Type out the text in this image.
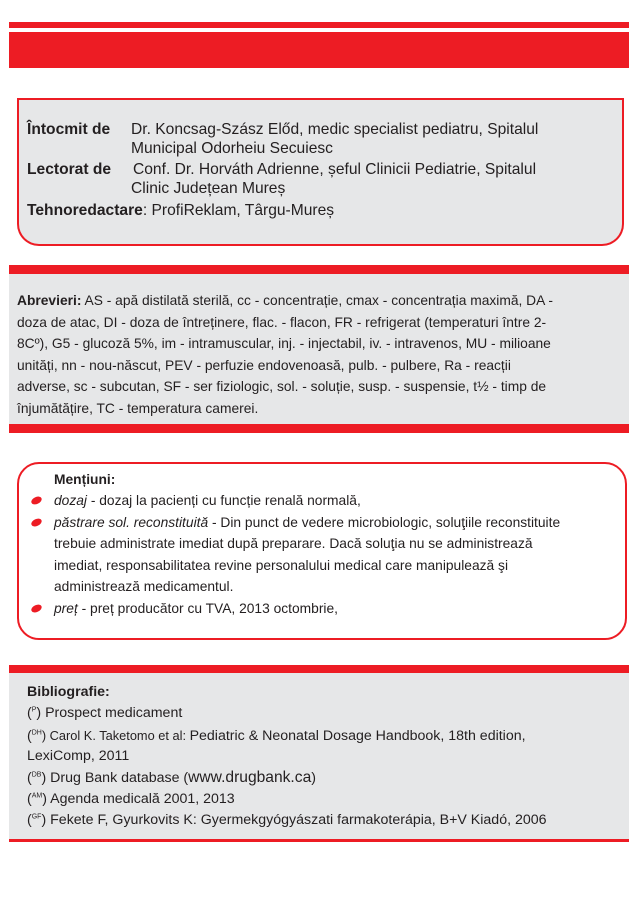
Întocmit de Dr. Koncsag-Szász Előd, medic specialist pediatru, Spitalul
Municipal Odorheiu Secuiesc
Lectorat de Conf. Dr. Horváth Adrienne, șeful Clinicii Pediatrie, Spitalul
Clinic Județean Mureș
Tehnoredactare: ProfiReklam, Târgu-Mureș
Abrevieri: AS - apă distilată sterilă, cc - concentrație, cmax - concentrația maximă, DA -
doza de atac, DI - doza de întreținere, flac. - flacon, FR - refrigerat (temperaturi între 2-
8Cº), G5 - glucoză 5%, im - intramuscular, inj. - injectabil, iv. - intravenos, MU - milioane
unități, nn - nou-născut, PEV - perfuzie endovenoasă, pulb. - pulbere, Ra - reacții
adverse, sc - subcutan, SF - ser fiziologic, sol. - soluție, susp. - suspensie, t½ - timp de
înjumătățire, TC - temperatura camerei.
Mențiuni:
dozaj - dozaj la pacienți cu funcție renală normală,
păstrare sol. reconstituită - Din punct de vedere microbiologic, soluţiile reconstituite
trebuie administrate imediat după preparare. Dacă soluţia nu se administrează
imediat, responsabilitatea revine personalului medical care manipulează şi
administrează medicamentul.
preț - preț producător cu TVA, 2013 octombrie,
Bibliografie:
($^P$) Prospect medicament
($^{DH}$) Carol K. Taketomo et al: Pediatric & Neonatal Dosage Handbook, 18th edition,
LexiComp, 2011
($^{DB}$) Drug Bank database (www.drugbank.ca)
($^{AM}$) Agenda medicală 2001, 2013
($^{GF}$) Fekete F, Gyurkovits K: Gyermekgyógyászati farmakoterápia, B+V Kiadó, 2006
